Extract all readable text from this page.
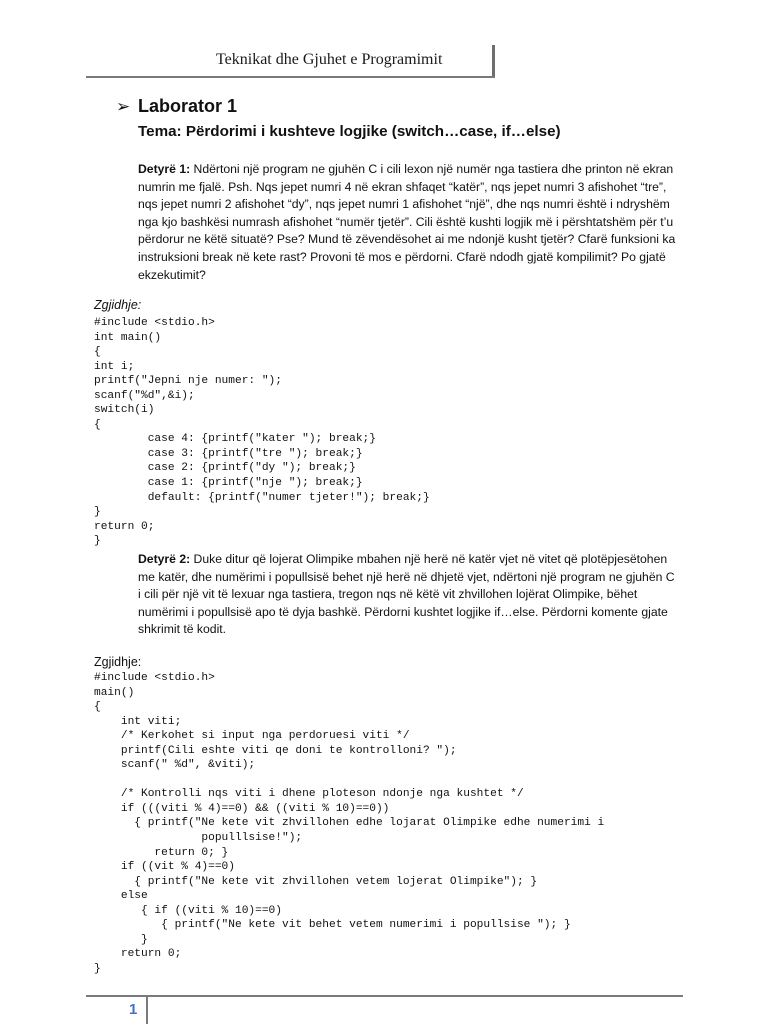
Teknikat dhe Gjuhet e Programimit
➢ Laborator 1
Tema: Përdorimi i kushteve logjike (switch…case, if…else)
Detyrë 1: Ndërtoni një program ne gjuhën C i cili lexon një numër nga tastiera dhe printon në ekran numrin me fjalë. Psh. Nqs jepet numri 4 në ekran shfaqet “katër”, nqs jepet numri 3 afishohet “tre”, nqs jepet numri 2 afishohet “dy”, nqs jepet numri 1 afishohet “një”, dhe nqs numri është i ndryshëm nga kjo bashkësi numrash afishohet “numër tjetër”. Cili është kushti logjik më i përshtatshëm për t’u përdorur ne këtë situatë? Pse? Mund të zëvendësohet ai me ndonjë kusht tjetër? Cfarë funksioni ka instruksioni break në kete rast? Provoni të mos e përdorni. Cfarë ndodh gjatë kompilimit? Po gjatë ekzekutimit?
Zgjidhje:
#include <stdio.h>
int main()
{
int i;
printf("Jepni nje numer: ");
scanf("%d",&i);
switch(i)
{
case 4: {printf("kater "); break;}
case 3: {printf("tre "); break;}
case 2: {printf("dy "); break;}
case 1: {printf("nje "); break;}
default: {printf("numer tjeter!"); break;}
}
return 0;
}
Detyrë 2: Duke ditur që lojerat Olimpike mbahen një herë në katër vjet në vitet që plotëpjesëtohen me katër, dhe numërimi i popullsisë behet një herë në dhjetë vjet, ndërtoni një program ne gjuhën C i cili për një vit të lexuar nga tastiera, tregon nqs në këtë vit zhvillohen lojërat Olimpike, bëhet numërimi i popullsisë apo të dyja bashkë. Përdorni kushtet logjike if…else. Përdorni komente gjate shkrimit të kodit.
Zgjidhje:
#include <stdio.h>
main()
{
int viti;
/* Kerkohet si input nga perdoruesi viti */
printf(Cili eshte viti qe doni te kontrolloni? ");
scanf(" %d", &viti);

/* Kontrolli nqs viti i dhene ploteson ndonje nga kushtet */
if (((viti % 4)==0) && ((viti % 10)==0))
{ printf("Ne kete vit zhvillohen edhe lojarat Olimpike edhe numerimi i
populllsise!");
return 0; }
if ((vit % 4)==0)
{ printf("Ne kete vit zhvillohen vetem lojerat Olimpike"); }
else
{ if ((viti % 10)==0)
{ printf("Ne kete vit behet vetem numerimi i popullsise "); }
}
return 0;
}
1
